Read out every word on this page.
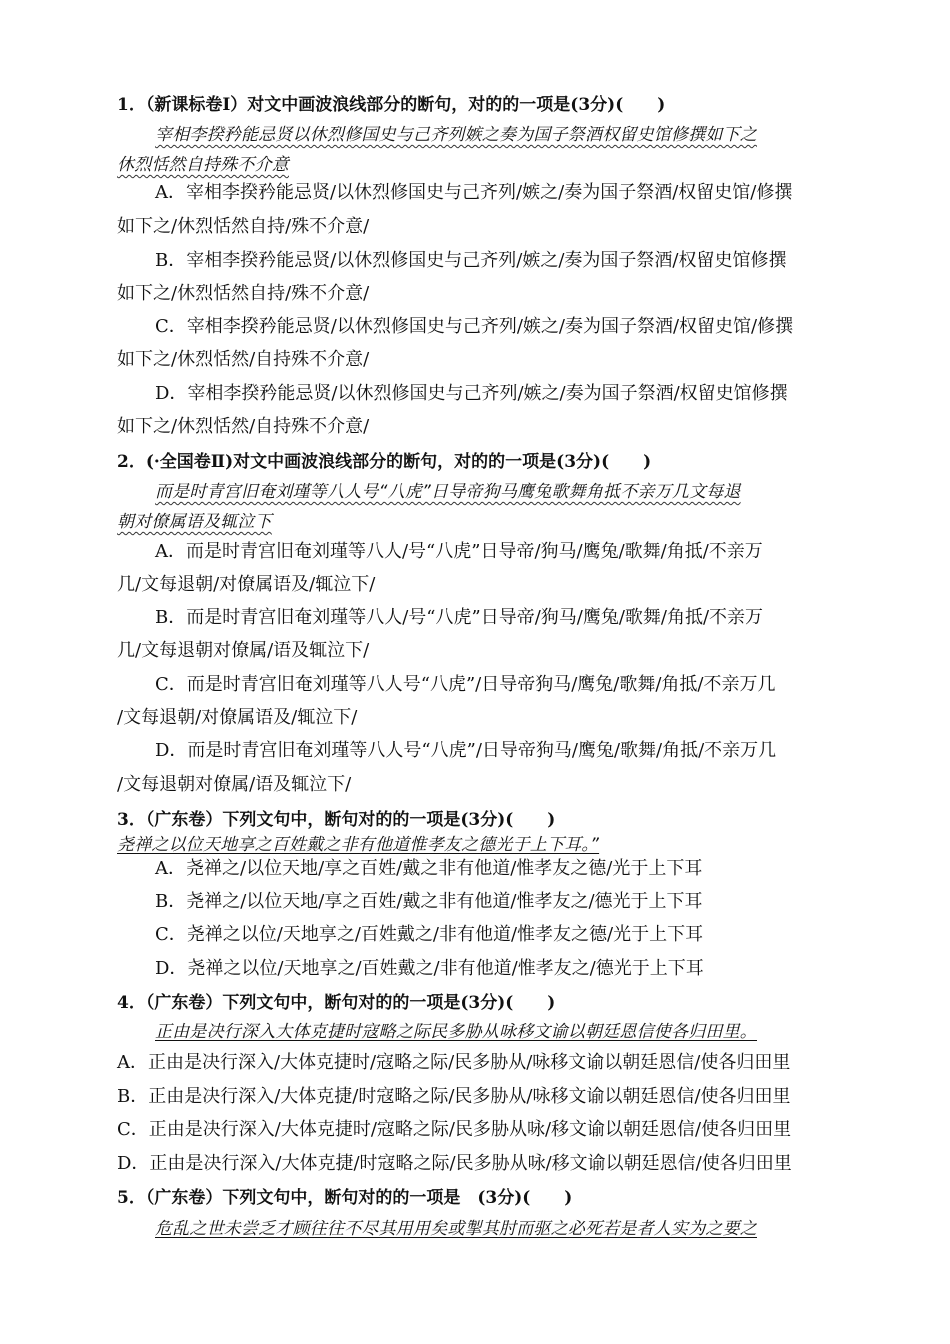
1．（新课标卷Ⅰ）对文中画波浪线部分的断句，对的的一项是(3分)(　　)
宰相李揆矜能忌贤以休烈修国史与己齐列嫉之奏为国子祭酒权留史馆修撰如下之
休烈恬然自持殊不介意
A．宰相李揆矜能忌贤/以休烈修国史与己齐列/嫉之/奏为国子祭酒/权留史馆/修撰
如下之/休烈恬然自持/殊不介意/
B．宰相李揆矜能忌贤/以休烈修国史与己齐列/嫉之/奏为国子祭酒/权留史馆修撰
如下之/休烈恬然自持/殊不介意/
C．宰相李揆矜能忌贤/以休烈修国史与己齐列/嫉之/奏为国子祭酒/权留史馆/修撰
如下之/休烈恬然/自持殊不介意/
D．宰相李揆矜能忌贤/以休烈修国史与己齐列/嫉之/奏为国子祭酒/权留史馆修撰
如下之/休烈恬然/自持殊不介意/
2．(·全国卷Ⅱ)对文中画波浪线部分的断句，对的的一项是(3分)(　　)
而是时青宫旧奄刘瑾等八人号“八虎”日导帝狗马鹰兔歌舞角抵不亲万几文每退
朝对僚属语及辄泣下
A．而是时青宫旧奄刘瑾等八人/号“八虎”日导帝/狗马/鹰兔/歌舞/角抵/不亲万
几/文每退朝/对僚属语及/辄泣下/
B．而是时青宫旧奄刘瑾等八人/号“八虎”日导帝/狗马/鹰兔/歌舞/角抵/不亲万
几/文每退朝对僚属/语及辄泣下/
C．而是时青宫旧奄刘瑾等八人号“八虎”/日导帝狗马/鹰兔/歌舞/角抵/不亲万几
/文每退朝/对僚属语及/辄泣下/
D．而是时青宫旧奄刘瑾等八人号“八虎”/日导帝狗马/鹰兔/歌舞/角抵/不亲万几
/文每退朝对僚属/语及辄泣下/
3．（广东卷）下列文句中，断句对的的一项是(3分)(　　)
尧禅之以位天地享之百姓戴之非有他道惟孝友之德光于上下耳。”
A．尧禅之/以位天地/享之百姓/戴之非有他道/惟孝友之德/光于上下耳
B．尧禅之/以位天地/享之百姓/戴之非有他道/惟孝友之/德光于上下耳
C．尧禅之以位/天地享之/百姓戴之/非有他道/惟孝友之德/光于上下耳
D．尧禅之以位/天地享之/百姓戴之/非有他道/惟孝友之/德光于上下耳
4．（广东卷）下列文句中，断句对的的一项是(3分)(　　)
正由是决行深入大体克捷时寇略之际民多胁从咏移文谕以朝廷恩信使各归田里。
A．正由是决行深入/大体克捷时/寇略之际/民多胁从/咏移文谕以朝廷恩信/使各归田里
B．正由是决行深入/大体克捷/时寇略之际/民多胁从/咏移文谕以朝廷恩信/使各归田里
C．正由是决行深入/大体克捷时/寇略之际/民多胁从咏/移文谕以朝廷恩信/使各归田里
D．正由是决行深入/大体克捷/时寇略之际/民多胁从咏/移文谕以朝廷恩信/使各归田里
5．（广东卷）下列文句中，断句对的的一项是　(3分)(　　)
危乱之世未尝乏才顾往往不尽其用用矣或掣其肘而驱之必死若是者人实为之要之
